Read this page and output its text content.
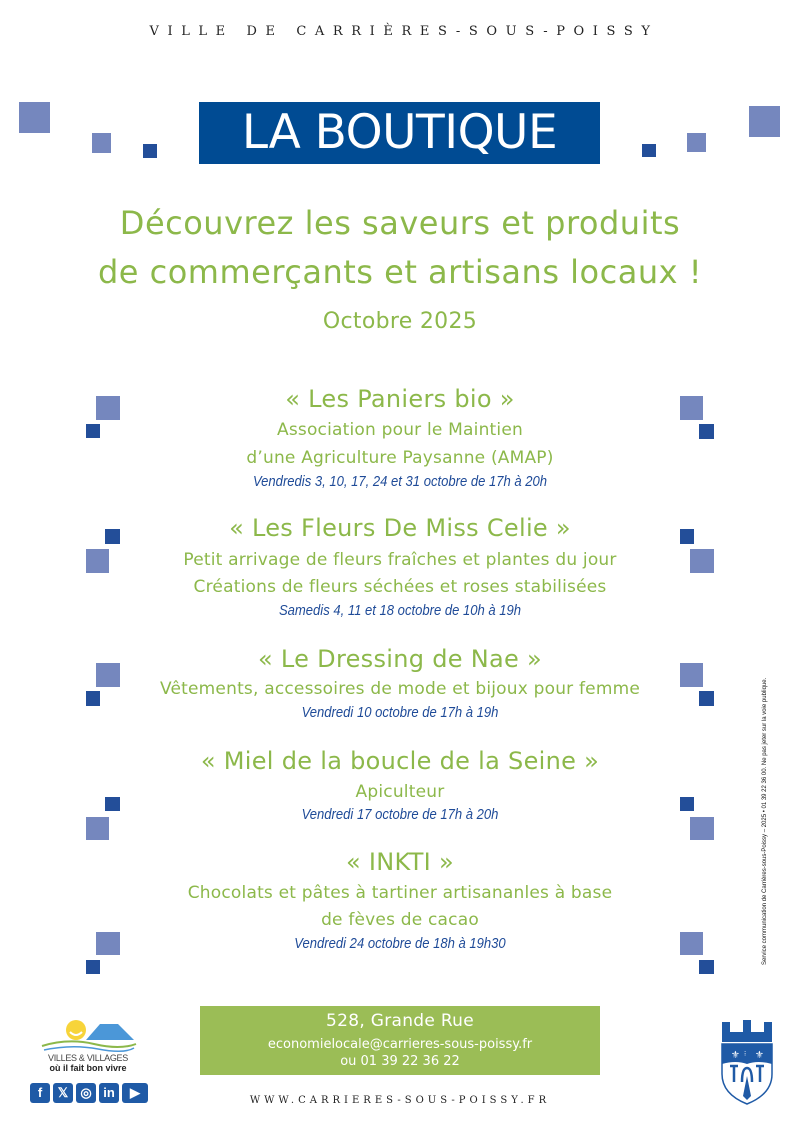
VILLE DE CARRIÈRES-SOUS-POISSY
LA BOUTIQUE
Découvrez les saveurs et produits
de commerçants et artisans locaux !
Octobre 2025
« Les Paniers bio »
Association pour le Maintien
d’une Agriculture Paysanne (AMAP)
Vendredis 3, 10, 17, 24 et 31 octobre de 17h à 20h
« Les Fleurs De Miss Celie »
Petit arrivage de fleurs fraîches et plantes du jour
Créations de fleurs séchées et roses stabilisées
Samedis 4, 11 et 18 octobre de 10h à 19h
« Le Dressing de Nae »
Vêtements, accessoires de mode et bijoux pour femme
Vendredi 10 octobre de 17h à 19h
« Miel de la boucle de la Seine »
Apiculteur
Vendredi 17 octobre de 17h à 20h
« INKTI »
Chocolats et pâtes à tartiner artisananles à base
de fèves de cacao
Vendredi 24 octobre de 18h à 19h30	Service communication de Carrières-sous-Poissy – 2025 • 01 39 22 36 00. Ne pas jeter sur la voie publique.
VILLES & VILLAGES
où il fait bon vivre
f	𝕏 ◎ in	▶
528, Grande Rue
economielocale@carrieres-sous-poissy.fr
ou 01 39 22 36 22
WWW.CARRIERES-SOUS-POISSY.FR
⚜ ⚜
⁝
